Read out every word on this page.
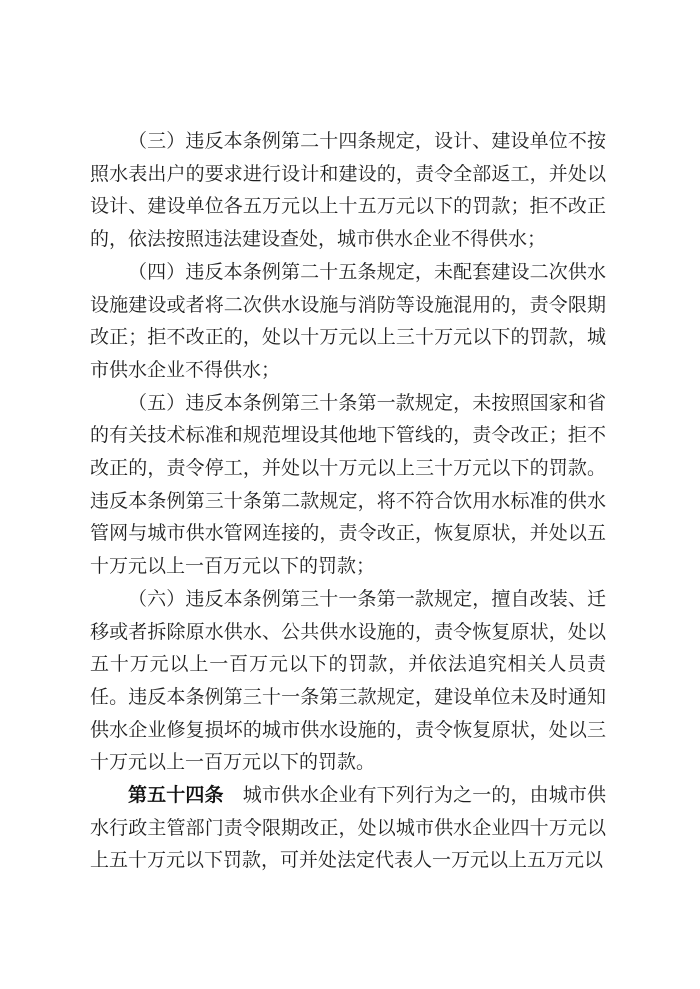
（三）违反本条例第二十四条规定，设计、建设单位不按照水表出户的要求进行设计和建设的，责令全部返工，并处以设计、建设单位各五万元以上十五万元以下的罚款；拒不改正的，依法按照违法建设查处，城市供水企业不得供水；

（四）违反本条例第二十五条规定，未配套建设二次供水设施建设或者将二次供水设施与消防等设施混用的，责令限期改正；拒不改正的，处以十万元以上三十万元以下的罚款，城市供水企业不得供水；

（五）违反本条例第三十条第一款规定，未按照国家和省的有关技术标准和规范埋设其他地下管线的，责令改正；拒不改正的，责令停工，并处以十万元以上三十万元以下的罚款。违反本条例第三十条第二款规定，将不符合饮用水标准的供水管网与城市供水管网连接的，责令改正，恢复原状，并处以五十万元以上一百万元以下的罚款；

（六）违反本条例第三十一条第一款规定，擅自改装、迁移或者拆除原水供水、公共供水设施的，责令恢复原状，处以五十万元以上一百万元以下的罚款，并依法追究相关人员责任。违反本条例第三十一条第三款规定，建设单位未及时通知供水企业修复损坏的城市供水设施的，责令恢复原状，处以三十万元以上一百万元以下的罚款。

第五十四条　城市供水企业有下列行为之一的，由城市供水行政主管部门责令限期改正，处以城市供水企业四十万元以上五十万元以下罚款，可并处法定代表人一万元以上五万元以
